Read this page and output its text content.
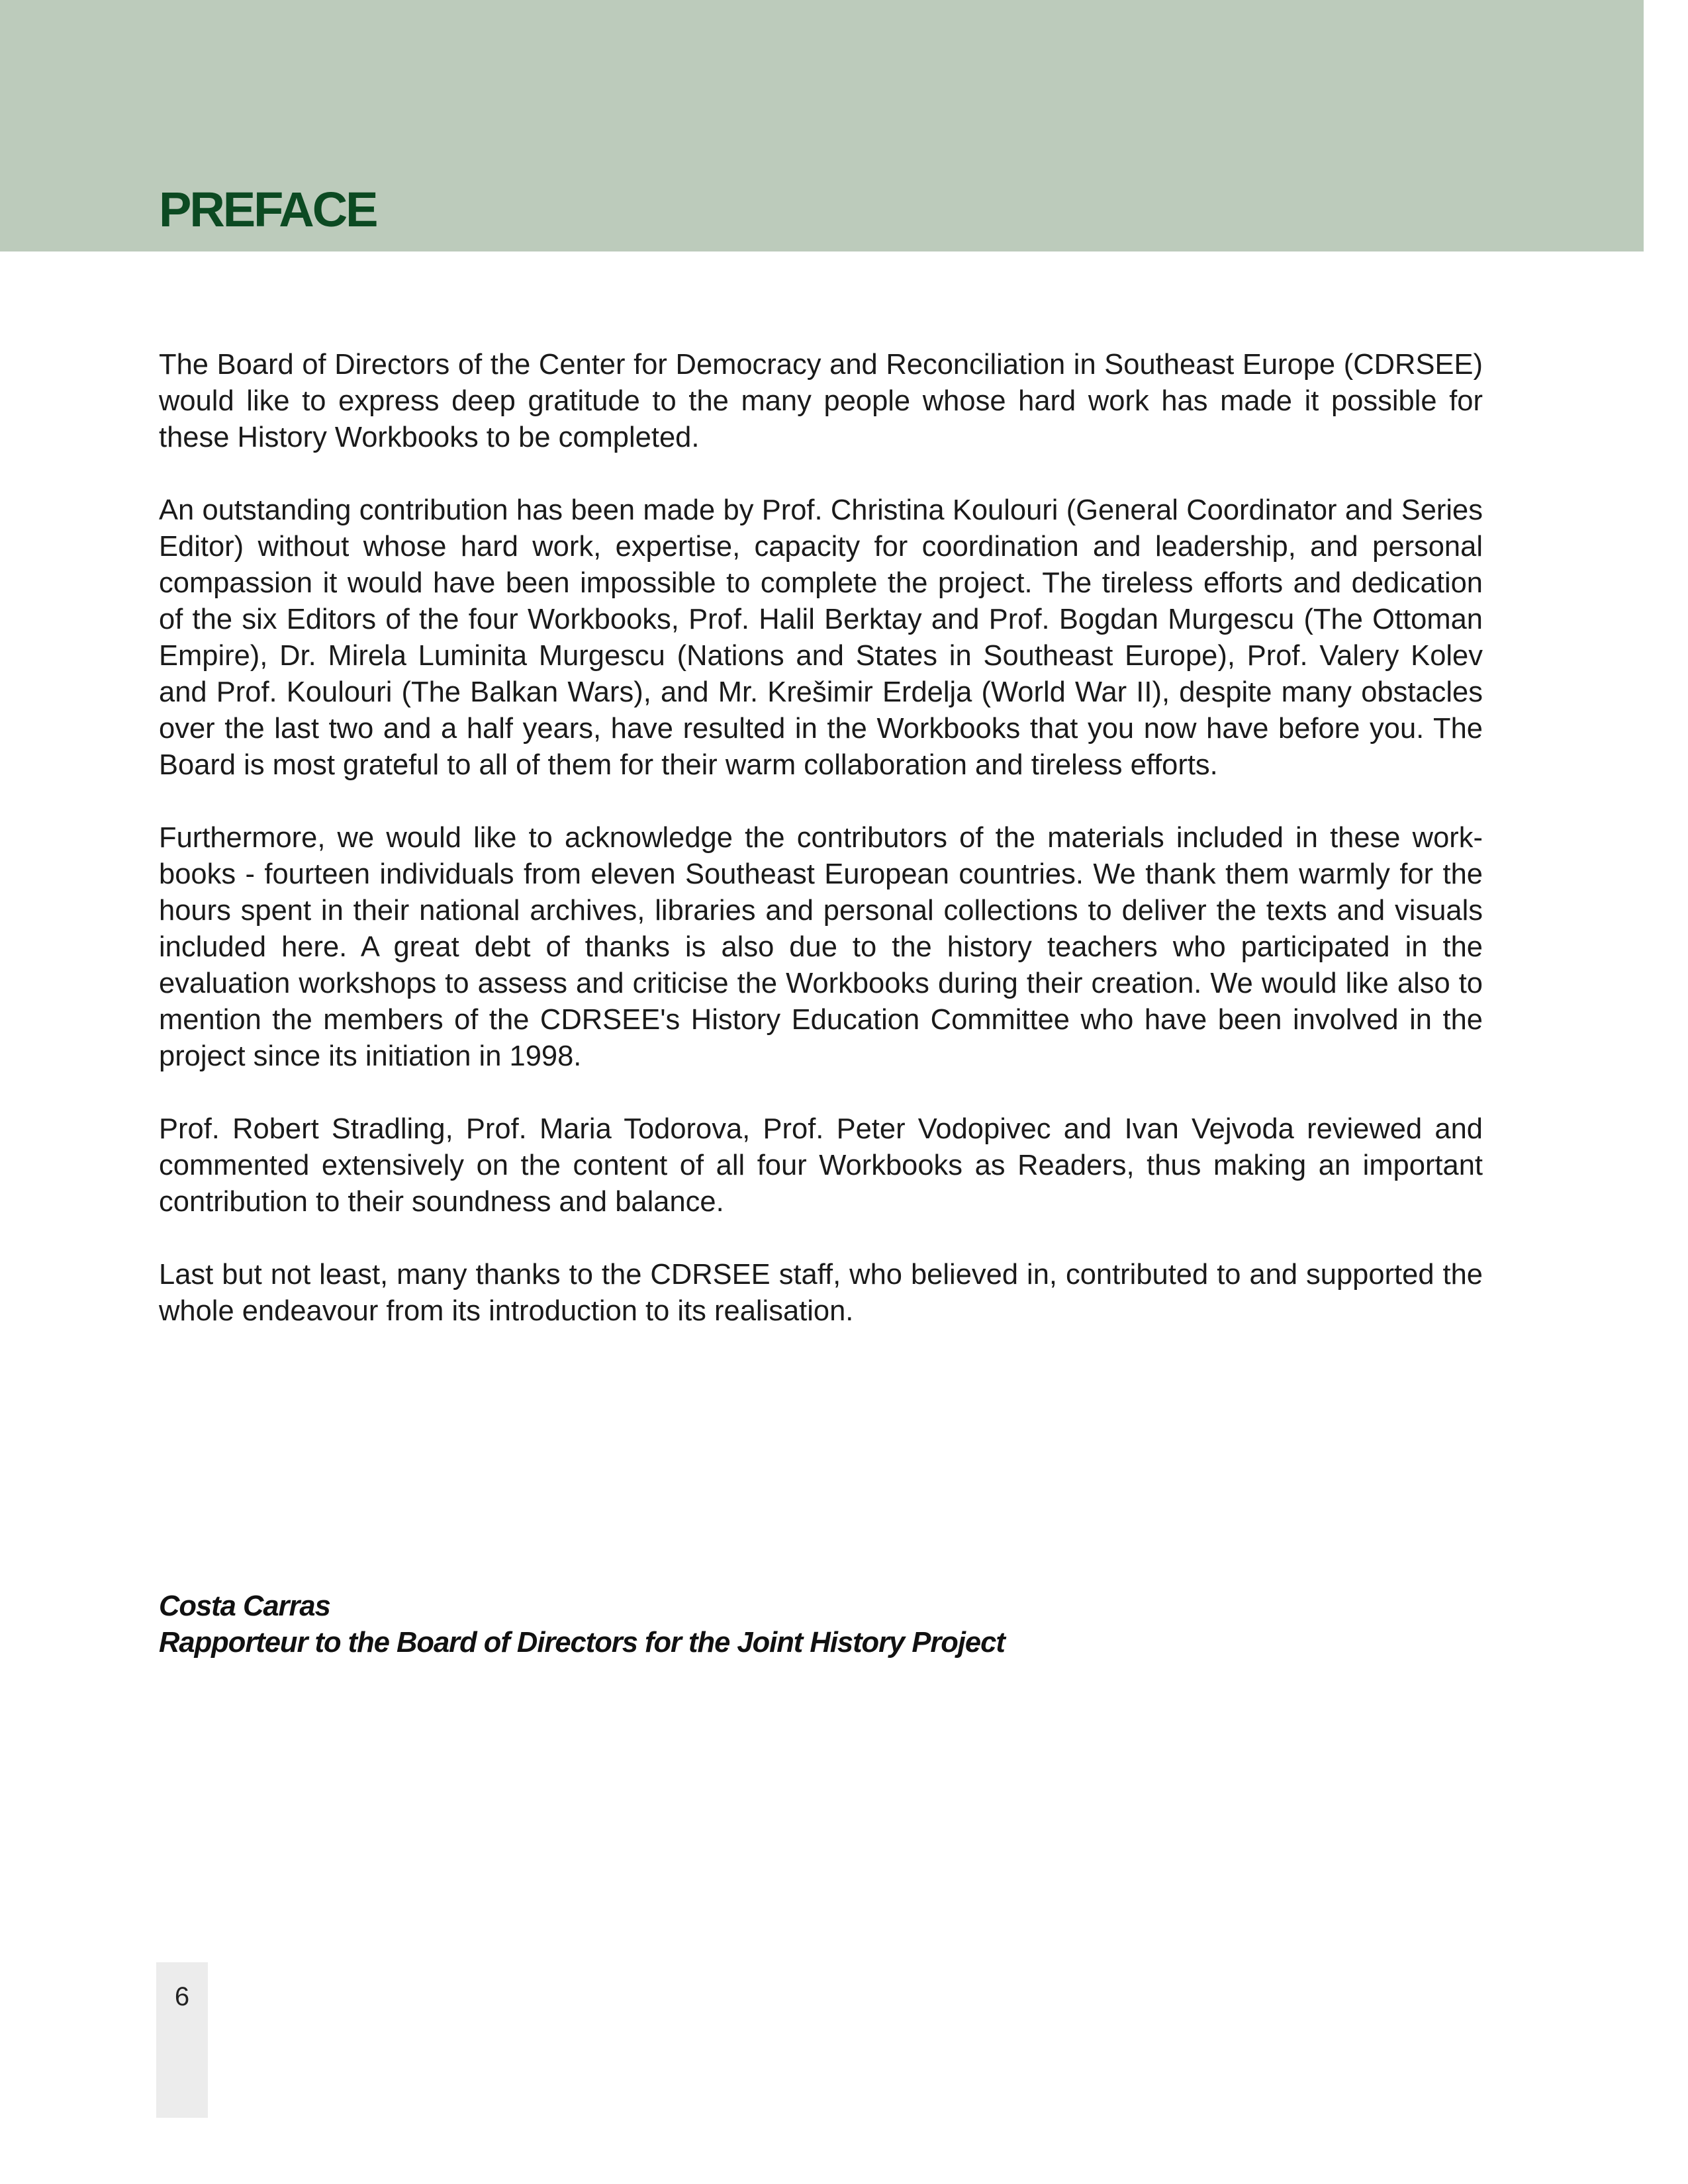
PREFACE

The Board of Directors of the Center for Democracy and Reconciliation in Southeast Europe (CDRSEE) would like to express deep gratitude to the many people whose hard work has made it possible for these History Workbooks to be completed.

An outstanding contribution has been made by Prof. Christina Koulouri (General Coordinator and Series Editor) without whose hard work, expertise, capacity for coordination and leadership, and personal compassion it would have been impossible to complete the project. The tireless efforts and dedication of the six Editors of the four Workbooks, Prof. Halil Berktay and Prof. Bogdan Murgescu (The Ottoman Empire), Dr. Mirela Luminita Murgescu (Nations and States in Southeast Europe), Prof. Valery Kolev and Prof. Koulouri (The Balkan Wars), and Mr. Krešimir Erdelja (World War II), despite many obstacles over the last two and a half years, have resulted in the Workbooks that you now have before you. The Board is most grateful to all of them for their warm collaboration and tireless efforts.

Furthermore, we would like to acknowledge the contributors of the materials included in these workbooks - fourteen individuals from eleven Southeast European countries. We thank them warmly for the hours spent in their national archives, libraries and personal collections to deliver the texts and visuals included here. A great debt of thanks is also due to the history teachers who participated in the evaluation workshops to assess and criticise the Workbooks during their creation. We would like also to mention the members of the CDRSEE's History Education Committee who have been involved in the project since its initiation in 1998.

Prof. Robert Stradling, Prof. Maria Todorova, Prof. Peter Vodopivec and Ivan Vejvoda reviewed and commented extensively on the content of all four Workbooks as Readers, thus making an important contribution to their soundness and balance.

Last but not least, many thanks to the CDRSEE staff, who believed in, contributed to and supported the whole endeavour from its introduction to its realisation.

Costa Carras
Rapporteur to the Board of Directors for the Joint History Project
6
